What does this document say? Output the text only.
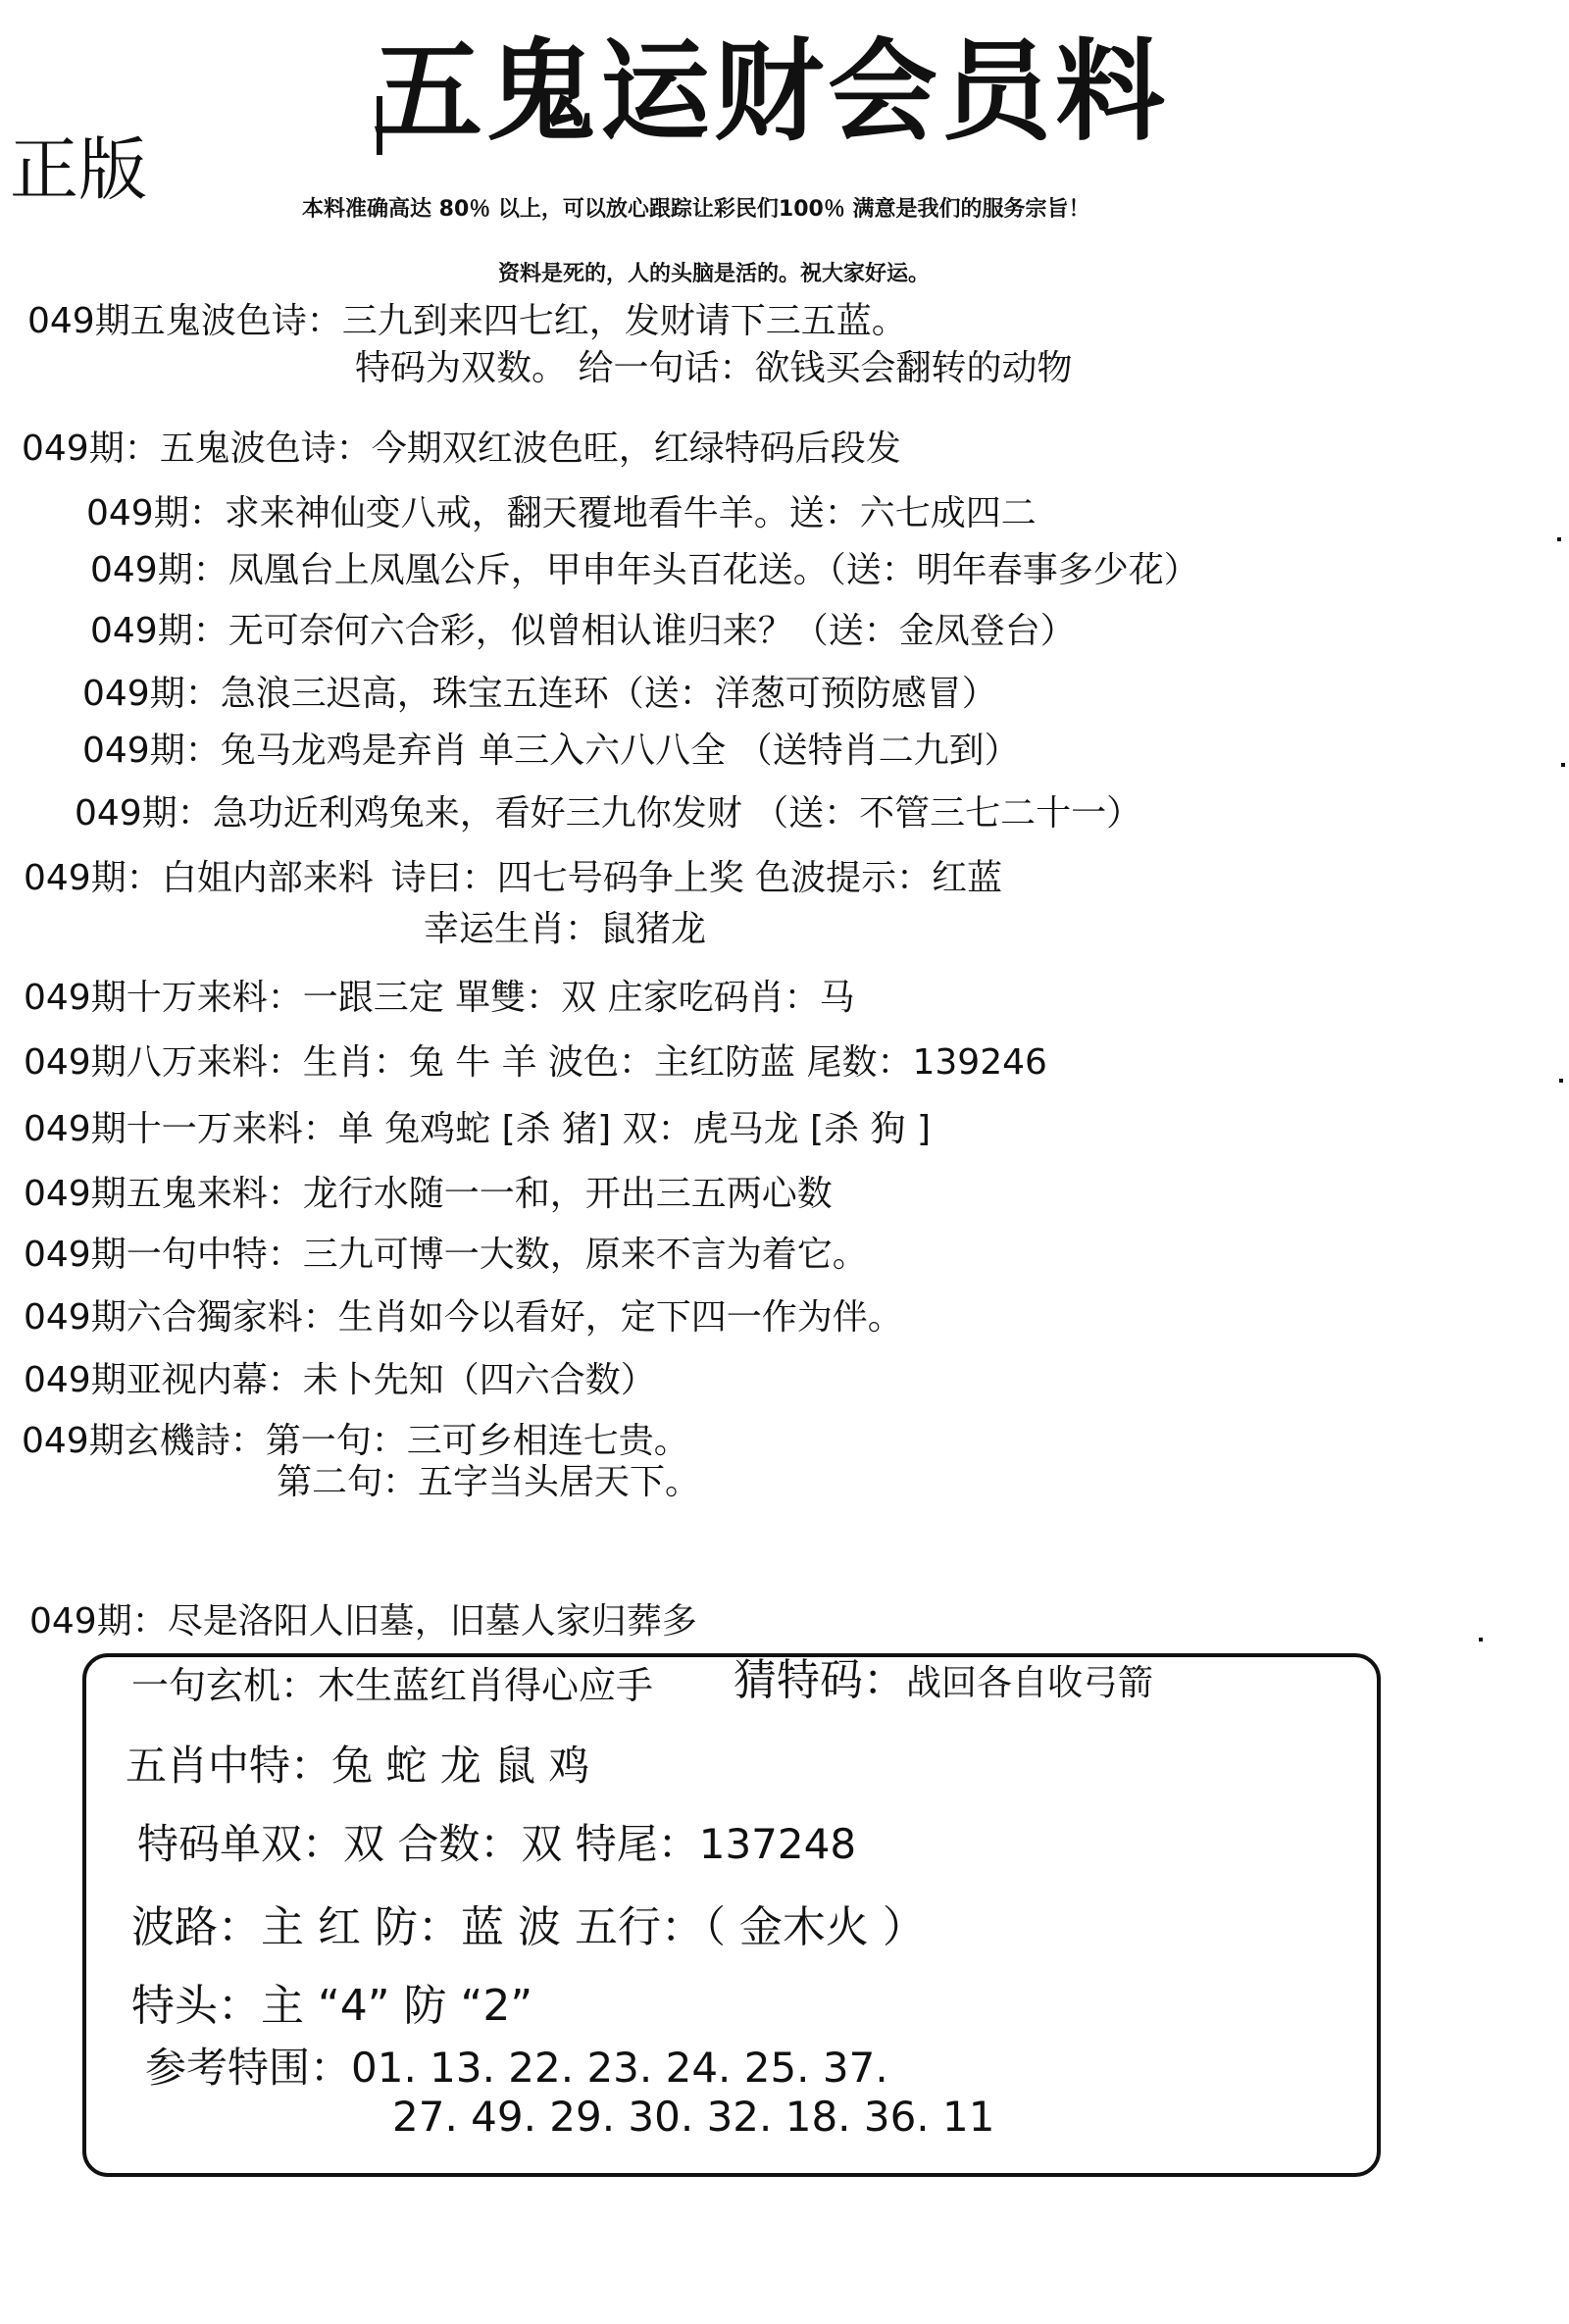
五鬼运财会员料
正版	本料准确高达 80％ 以上，可以放心跟踪让彩民们100％ 满意是我们的服务宗旨！
资料是死的，人的头脑是活的。祝大家好运。
049期五鬼波色诗：三九到来四七红，发财请下三五蓝。
特码为双数。 给一句话：欲钱买会翻转的动物
049期：五鬼波色诗：今期双红波色旺，红绿特码后段发
049期：求来神仙变八戒，翻天覆地看牛羊。送：六七成四二
049期：凤凰台上凤凰公斥，甲申年头百花送。（送：明年春事多少花）
049期：无可奈何六合彩，似曾相认谁归来？（送：金凤登台）
049期：急浪三迟高，珠宝五连环（送：洋葱可预防感冒）
049期：兔马龙鸡是弃肖 单三入六八八全 （送特肖二九到）
049期：急功近利鸡兔来，看好三九你发财 （送：不管三七二十一）
049期：白姐内部来料 诗曰：四七号码争上奖 色波提示：红蓝
幸运生肖：鼠猪龙
049期十万来料：一跟三定 單雙：双 庄家吃码肖：马
049期八万来料：生肖：兔 牛 羊 波色：主红防蓝 尾数：139246
049期十一万来料：单 兔鸡蛇 [杀 猪] 双：虎马龙 [杀 狗 ]
049期五鬼来料：龙行水随一一和，开出三五两心数
049期一句中特：三九可博一大数，原来不言为着它。
049期六合獨家料：生肖如今以看好，定下四一作为伴。
049期亚视内幕：未卜先知（四六合数）
049期玄機詩：第一句：三可乡相连七贵。
第二句：五字当头居天下。
049期：尽是洛阳人旧墓，旧墓人家归葬多
一句玄机：木生蓝红肖得心应手 猜特码：战回各自收弓箭
五肖中特：兔 蛇 龙 鼠 鸡
特码单双：双 合数：双 特尾：137248
波路：主 红 防：蓝 波 五行：（ 金木火 ）
特头：主 “4” 防 “2”
参考特围：01. 13. 22. 23. 24. 25. 37.
27. 49. 29. 30. 32. 18. 36. 11
